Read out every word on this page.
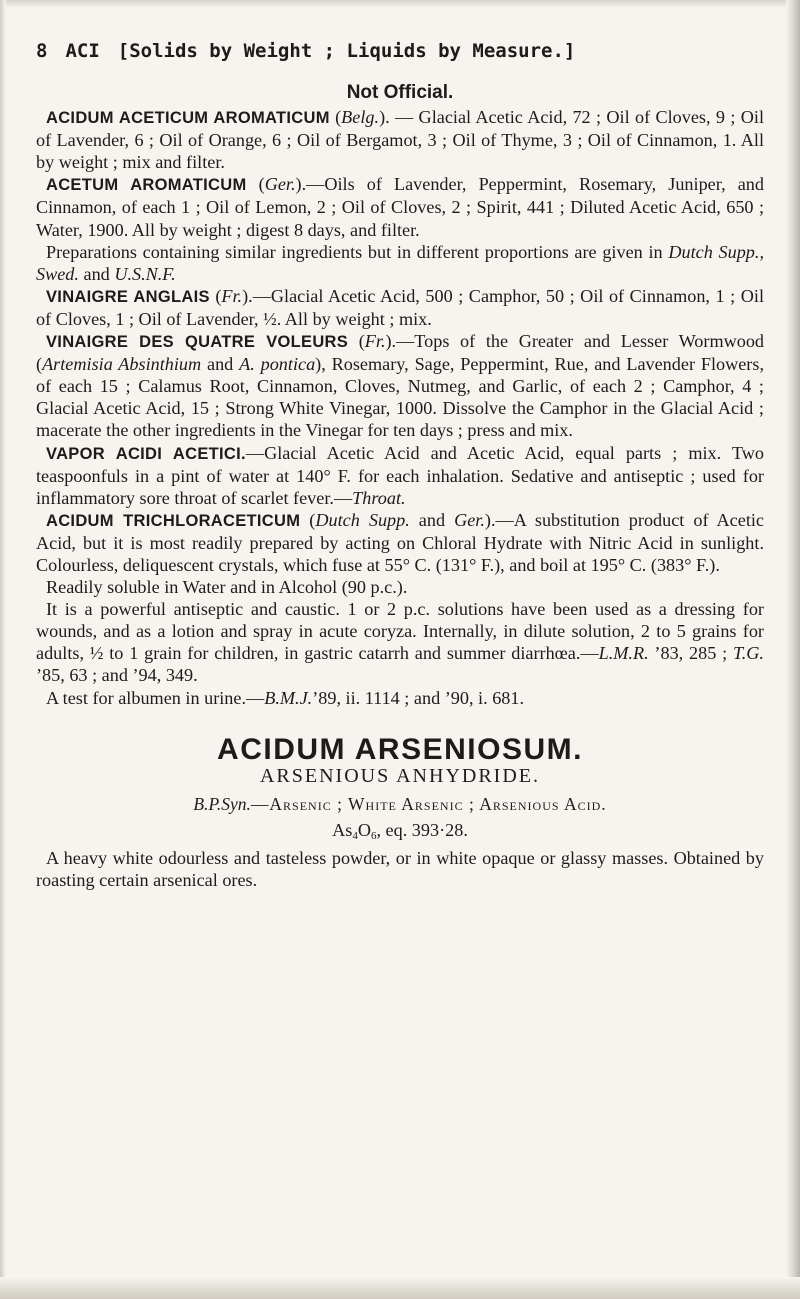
8 ACI [Solids by Weight ; Liquids by Measure.]

Not Official.

ACIDUM ACETICUM AROMATICUM (Belg.). — Glacial Acetic Acid, 72 ; Oil of Cloves, 9 ; Oil of Lavender, 6 ; Oil of Orange, 6 ; Oil of Bergamot, 3 ; Oil of Thyme, 3 ; Oil of Cinnamon, 1. All by weight ; mix and filter.

ACETUM AROMATICUM (Ger.).—Oils of Lavender, Peppermint, Rosemary, Juniper, and Cinnamon, of each 1 ; Oil of Lemon, 2 ; Oil of Cloves, 2 ; Spirit, 441 ; Diluted Acetic Acid, 650 ; Water, 1900. All by weight ; digest 8 days, and filter.

Preparations containing similar ingredients but in different proportions are given in Dutch Supp., Swed. and U.S.N.F.

VINAIGRE ANGLAIS (Fr.).—Glacial Acetic Acid, 500 ; Camphor, 50 ; Oil of Cinnamon, 1 ; Oil of Cloves, 1 ; Oil of Lavender, ½. All by weight ; mix.

VINAIGRE DES QUATRE VOLEURS (Fr.).—Tops of the Greater and Lesser Wormwood (Artemisia Absinthium and A. pontica), Rosemary, Sage, Peppermint, Rue, and Lavender Flowers, of each 15 ; Calamus Root, Cinnamon, Cloves, Nutmeg, and Garlic, of each 2 ; Camphor, 4 ; Glacial Acetic Acid, 15 ; Strong White Vinegar, 1000. Dissolve the Camphor in the Glacial Acid ; macerate the other ingredients in the Vinegar for ten days ; press and mix.

VAPOR ACIDI ACETICI.—Glacial Acetic Acid and Acetic Acid, equal parts ; mix. Two teaspoonfuls in a pint of water at 140° F. for each inhalation. Sedative and antiseptic ; used for inflammatory sore throat of scarlet fever.—Throat.

ACIDUM TRICHLORACETICUM (Dutch Supp. and Ger.).—A substitution product of Acetic Acid, but it is most readily prepared by acting on Chloral Hydrate with Nitric Acid in sunlight. Colourless, deliquescent crystals, which fuse at 55° C. (131° F.), and boil at 195° C. (383° F.).

Readily soluble in Water and in Alcohol (90 p.c.).

It is a powerful antiseptic and caustic. 1 or 2 p.c. solutions have been used as a dressing for wounds, and as a lotion and spray in acute coryza. Internally, in dilute solution, 2 to 5 grains for adults, ½ to 1 grain for children, in gastric catarrh and summer diarrhœa.—L.M.R. ’83, 285 ; T.G. ’85, 63 ; and ’94, 349.

A test for albumen in urine.—B.M.J.’89, ii. 1114 ; and ’90, i. 681.

ACIDUM ARSENIOSUM.

ARSENIOUS ANHYDRIDE.

B.P.Syn.—Arsenic ; White Arsenic ; Arsenious Acid.

$As_4O_6$, eq. 393·28.

A heavy white odourless and tasteless powder, or in white opaque or glassy masses. Obtained by roasting certain arsenical ores.
